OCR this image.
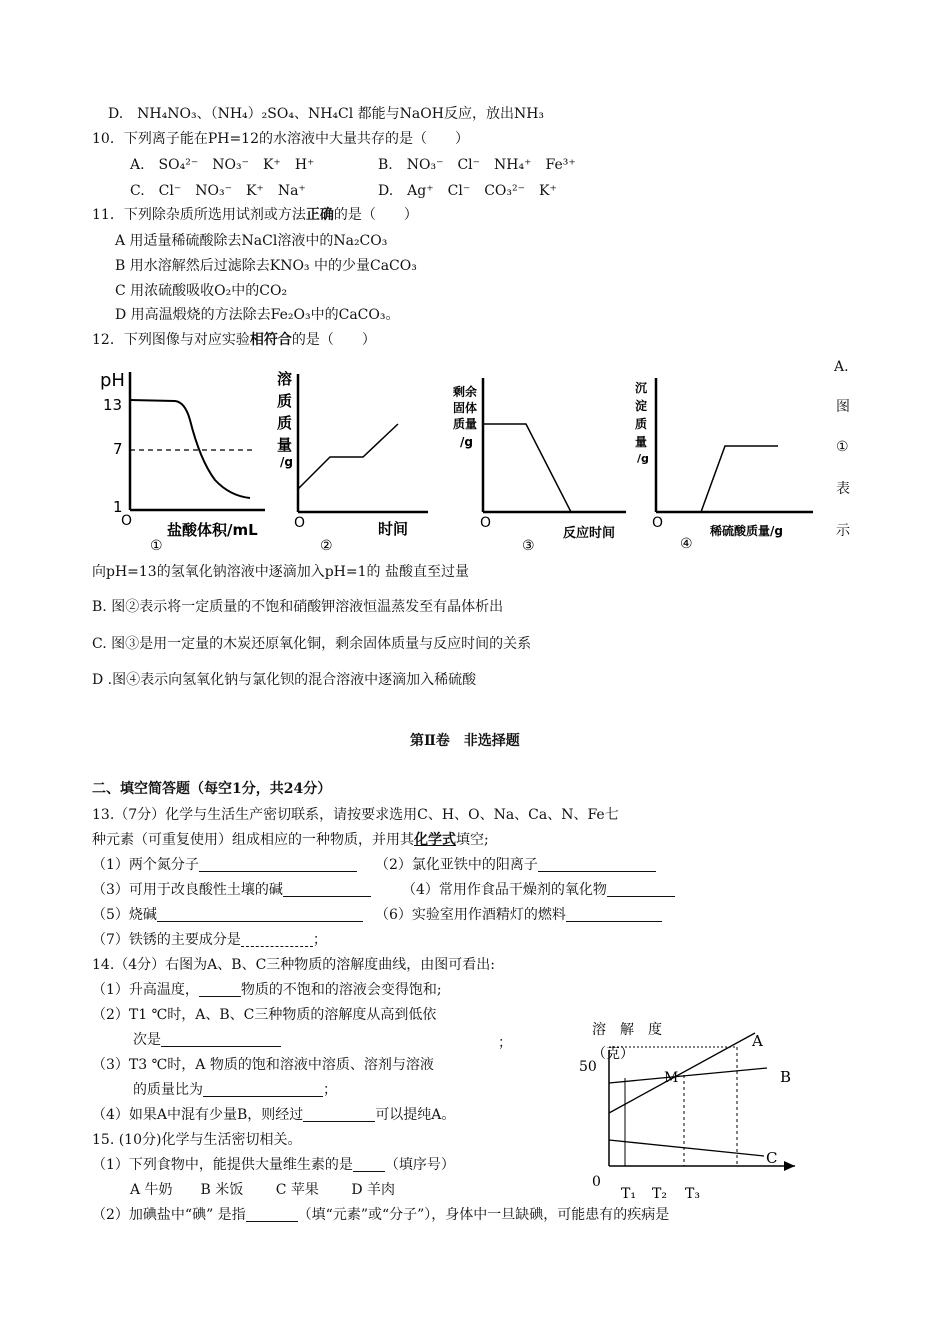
D.　NH₄NO₃、（NH₄）₂SO₄、NH₄Cl 都能与NaOH反应，放出NH₃
10．下列离子能在PH=12的水溶液中大量共存的是（　　）
A.　SO₄²⁻　NO₃⁻　K⁺　H⁺	B.　NO₃⁻　Cl⁻　NH₄⁺　Fe³⁺
C.　Cl⁻　NO₃⁻　K⁺　Na⁺	D.　Ag⁺　Cl⁻　CO₃²⁻　K⁺
11．下列除杂质所选用试剂或方法正确的是（　　）
A 用适量稀硫酸除去NaCl溶液中的Na₂CO₃
B 用水溶解然后过滤除去KNO₃ 中的少量CaCO₃
C 用浓硫酸吸收O₂中的CO₂
D 用高温煅烧的方法除去Fe₂O₃中的CaCO₃。
12．下列图像与对应实验相符合的是（　　）
A.
图
①
表
示
pH
13
7
1
O 盐酸体积/mL
①
溶
质
质
量
/g
O	时间
②
剩余
固体
质量
/g
O
反应时间
③
沉
淀
质
量
/g
O	稀硫酸质量/g
④
向pH=13的氢氧化钠溶液中逐滴加入pH=1的 盐酸直至过量
B. 图②表示将一定质量的不饱和硝酸钾溶液恒温蒸发至有晶体析出
C. 图③是用一定量的木炭还原氧化铜，剩余固体质量与反应时间的关系
D .图④表示向氢氧化钠与氯化钡的混合溶液中逐滴加入稀硫酸
第Ⅱ卷　非选择题
二、填空简答题（每空1分，共24分）
13.（7分）化学与生活生产密切联系，请按要求选用C、H、O、Na、Ca、N、Fe七
种元素（可重复使用）组成相应的一种物质，并用其化学式填空;
（1）两个氮分子	（2）氯化亚铁中的阳离子
（3）可用于改良酸性土壤的碱	（4）常用作食品干燥剂的氧化物
（5）烧碱	（6）实验室用作酒精灯的燃料
（7）铁锈的主要成分是	；
14.（4分）右图为A、B、C三种物质的溶解度曲线，由图可看出:
（1）升高温度，	物质的不饱和的溶液会变得饱和;
（2）T1 ℃时，A、B、C三种物质的溶解度从高到低依
次是	；
（3）T3 ℃时，A 物质的饱和溶液中溶质、溶剂与溶液
的质量比为	；
（4）如果A中混有少量B，则经过	可以提纯A。
溶　解　度
（克）
50
A
B
C
M
0
T₁ T₂ T₃
15. (10分)化学与生活密切相关。
（1）下列食物中，能提供大量维生素的是 （填序号）
A 牛奶　　B 米饭　　 C 苹果　　 D 羊肉
（2）加碘盐中“碘” 是指	（填“元素”或“分子”），身体中一旦缺碘，可能患有的疾病是
